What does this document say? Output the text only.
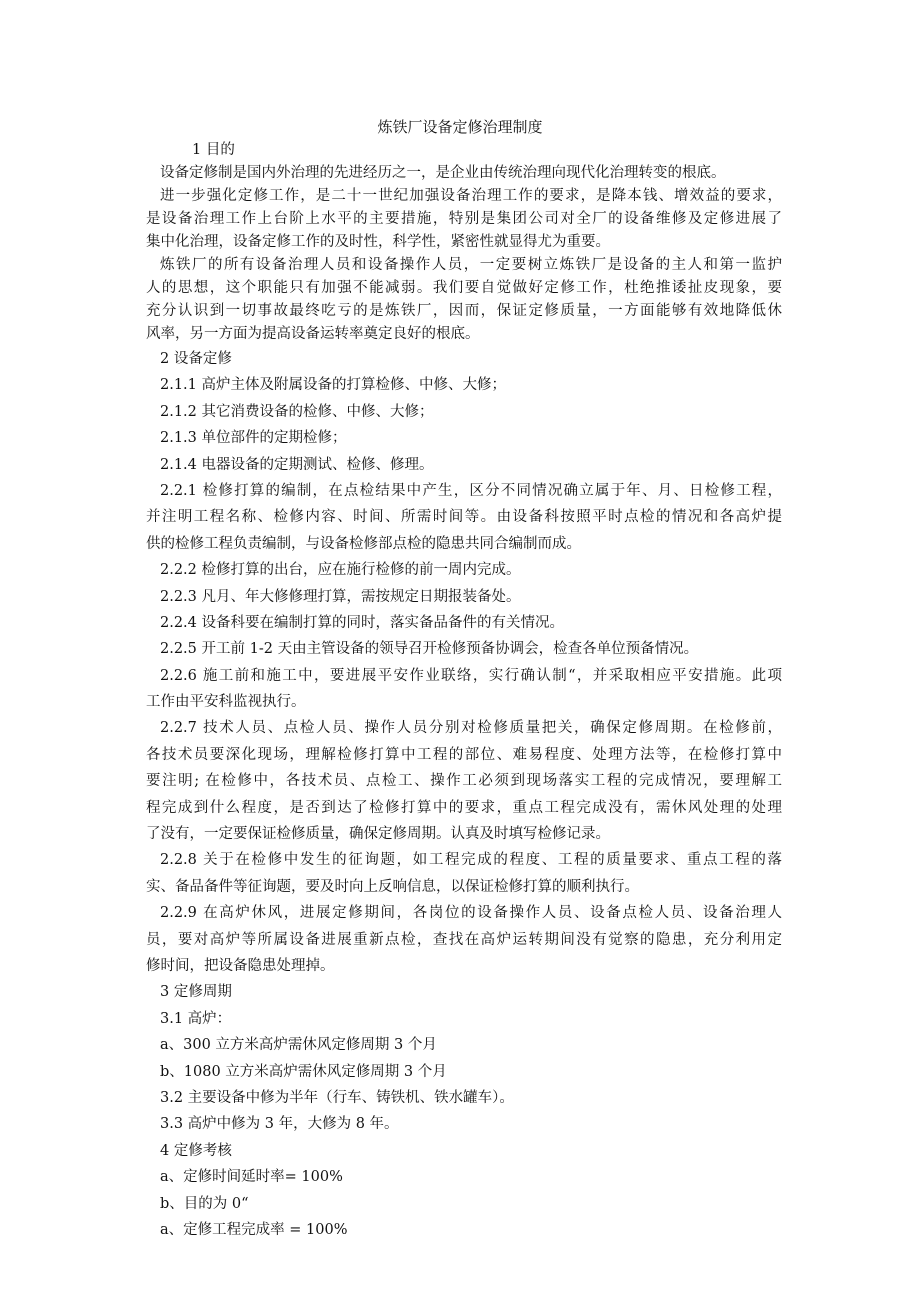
炼铁厂设备定修治理制度
1 目的
设备定修制是国内外治理的先进经历之一，是企业由传统治理向现代化治理转变的根底。
进一步强化定修工作，是二十一世纪加强设备治理工作的要求，是降本钱、增效益的要求，
是设备治理工作上台阶上水平的主要措施，特别是集团公司对全厂的设备维修及定修进展了
集中化治理，设备定修工作的及时性，科学性，紧密性就显得尤为重要。
炼铁厂的所有设备治理人员和设备操作人员，一定要树立炼铁厂是设备的主人和第一监护
人的思想，这个职能只有加强不能减弱。我们要自觉做好定修工作，杜绝推诿扯皮现象，要
充分认识到一切事故最终吃亏的是炼铁厂，因而，保证定修质量，一方面能够有效地降低休
风率，另一方面为提高设备运转率奠定良好的根底。
2 设备定修
2.1.1 高炉主体及附属设备的打算检修、中修、大修；
2.1.2 其它消费设备的检修、中修、大修；
2.1.3 单位部件的定期检修；
2.1.4 电器设备的定期测试、检修、修理。
2.2.1 检修打算的编制，在点检结果中产生，区分不同情况确立属于年、月、日检修工程，
并注明工程名称、检修内容、时间、所需时间等。由设备科按照平时点检的情况和各高炉提
供的检修工程负责编制，与设备检修部点检的隐患共同合编制而成。
2.2.2 检修打算的出台，应在施行检修的前一周内完成。
2.2.3 凡月、年大修修理打算，需按规定日期报装备处。
2.2.4 设备科要在编制打算的同时，落实备品备件的有关情况。
2.2.5 开工前 1-2 天由主管设备的领导召开检修预备协调会，检查各单位预备情况。
2.2.6 施工前和施工中，要进展平安作业联络，实行确认制“，并采取相应平安措施。此项
工作由平安科监视执行。
2.2.7 技术人员、点检人员、操作人员分别对检修质量把关，确保定修周期。在检修前，
各技术员要深化现场，理解检修打算中工程的部位、难易程度、处理方法等，在检修打算中
要注明; 在检修中，各技术员、点检工、操作工必须到现场落实工程的完成情况，要理解工
程完成到什么程度，是否到达了检修打算中的要求，重点工程完成没有，需休风处理的处理
了没有，一定要保证检修质量，确保定修周期。认真及时填写检修记录。
2.2.8 关于在检修中发生的征询题，如工程完成的程度、工程的质量要求、重点工程的落
实、备品备件等征询题，要及时向上反响信息，以保证检修打算的顺利执行。
2.2.9 在高炉休风，进展定修期间，各岗位的设备操作人员、设备点检人员、设备治理人
员，要对高炉等所属设备进展重新点检，查找在高炉运转期间没有觉察的隐患，充分利用定
修时间，把设备隐患处理掉。
3 定修周期
3.1 高炉：
a、300 立方米高炉需休风定修周期 3 个月
b、1080 立方米高炉需休风定修周期 3 个月
3.2 主要设备中修为半年（行车、铸铁机、铁水罐车）。
3.3 高炉中修为 3 年，大修为 8 年。
4 定修考核
a、定修时间延时率= 100%
b、目的为 0“
a、定修工程完成率 = 100%
